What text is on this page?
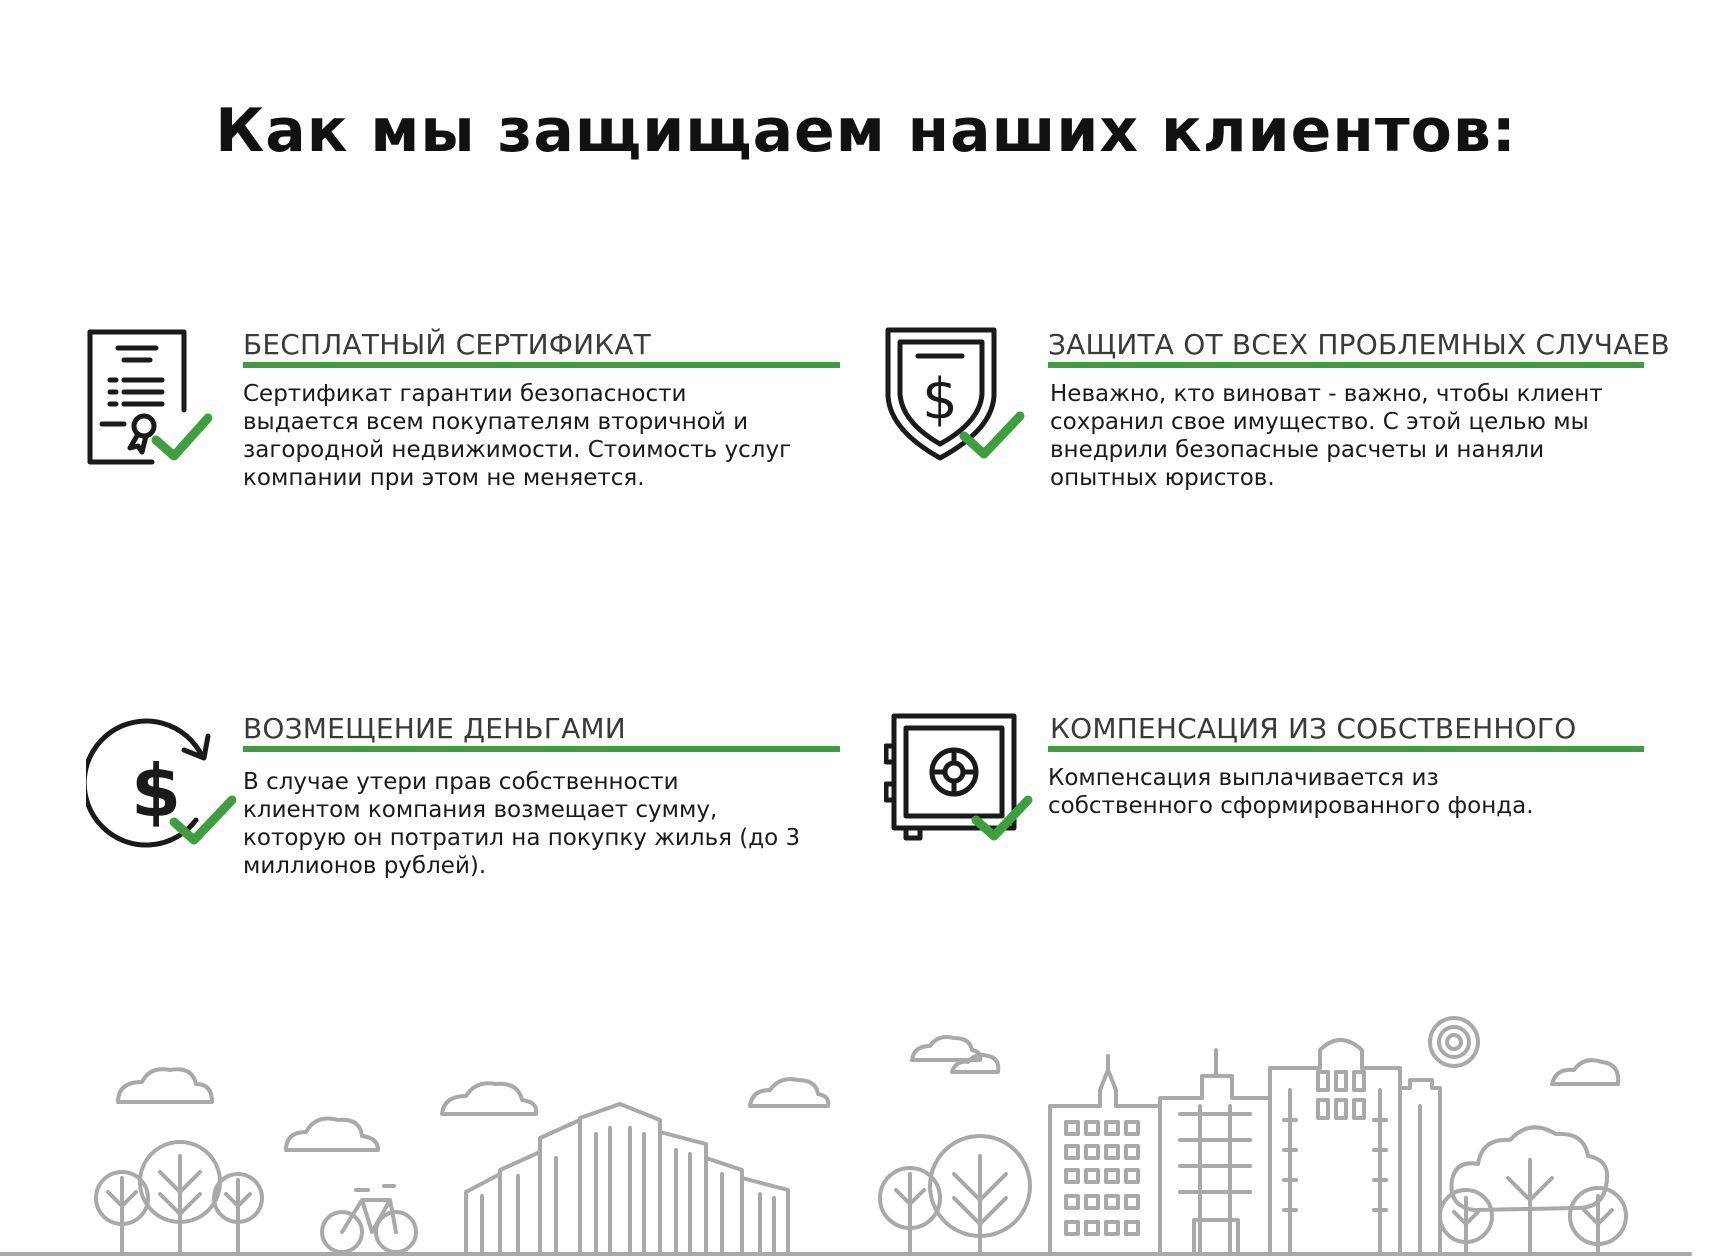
Как мы защищаем наших клиентов:
БЕСПЛАТНЫЙ СЕРТИФИКАТ

Сертификат гарантии безопасности выдается всем покупателям вторичной и загородной недвижимости. Стоимость услуг компании при этом не меняется.

$
ЗАЩИТА ОТ ВСЕХ ПРОБЛЕМНЫХ СЛУЧАЕВ

Неважно, кто виноват - важно, чтобы клиент сохранил свое имущество. С этой целью мы внедрили безопасные расчеты и наняли опытных юристов.

$
ВОЗМЕЩЕНИЕ ДЕНЬГАМИ

В случае утери прав собственности клиентом компания возмещает сумму, которую он потратил на покупку жилья (до 3 миллионов рублей).

КОМПЕНСАЦИЯ ИЗ СОБСТВЕННОГО

Компенсация выплачивается из собственного сформированного фонда.
